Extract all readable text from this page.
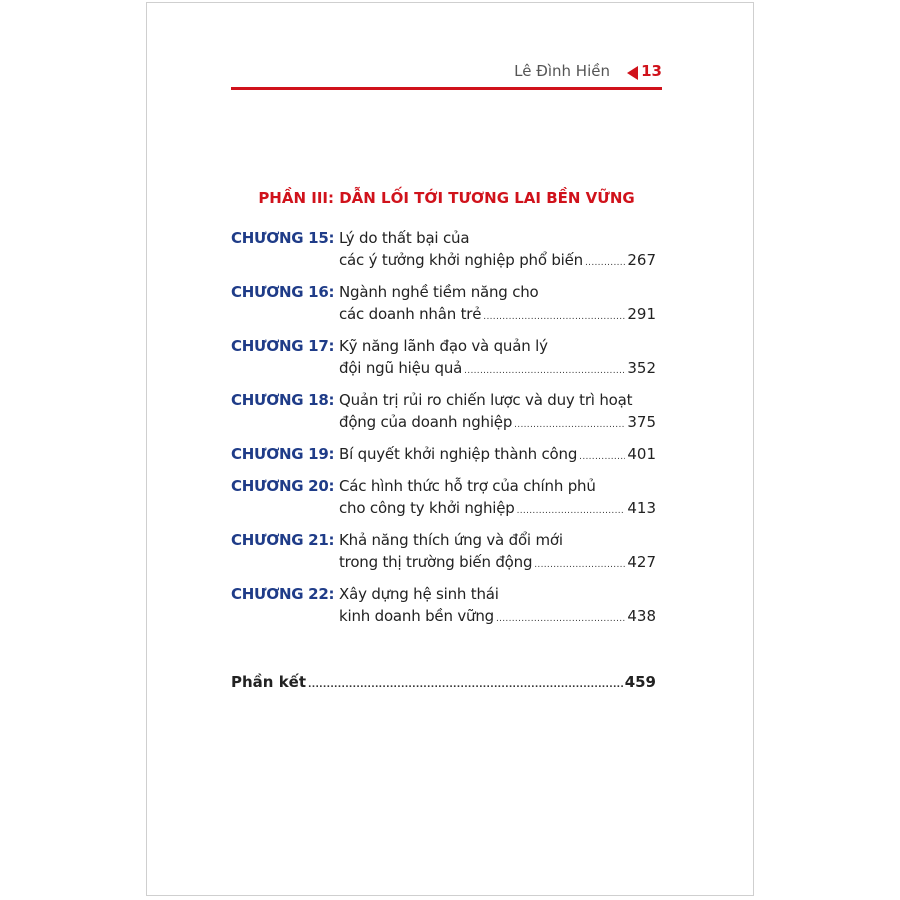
Lê Đình Hiền 13
PHẦN III: DẪN LỐI TỚI TƯƠNG LAI BỀN VỮNG
CHƯƠNG 15: Lý do thất bại của
các ý tưởng khởi nghiệp phổ biến .....	267
CHƯƠNG 16: Ngành nghề tiềm năng cho
các doanh nhân trẻ .....	291
CHƯƠNG 17: Kỹ năng lãnh đạo và quản lý
đội ngũ hiệu quả .....	352
CHƯƠNG 18: Quản trị rủi ro chiến lược và duy trì hoạt
động của doanh nghiệp .....	375
CHƯƠNG 19: Bí quyết khởi nghiệp thành công .....	401
CHƯƠNG 20: Các hình thức hỗ trợ của chính phủ
cho công ty khởi nghiệp .....	413
CHƯƠNG 21: Khả năng thích ứng và đổi mới
trong thị trường biến động .....	427
CHƯƠNG 22: Xây dựng hệ sinh thái
kinh doanh bền vững .....	438
Phần kết .....	459
